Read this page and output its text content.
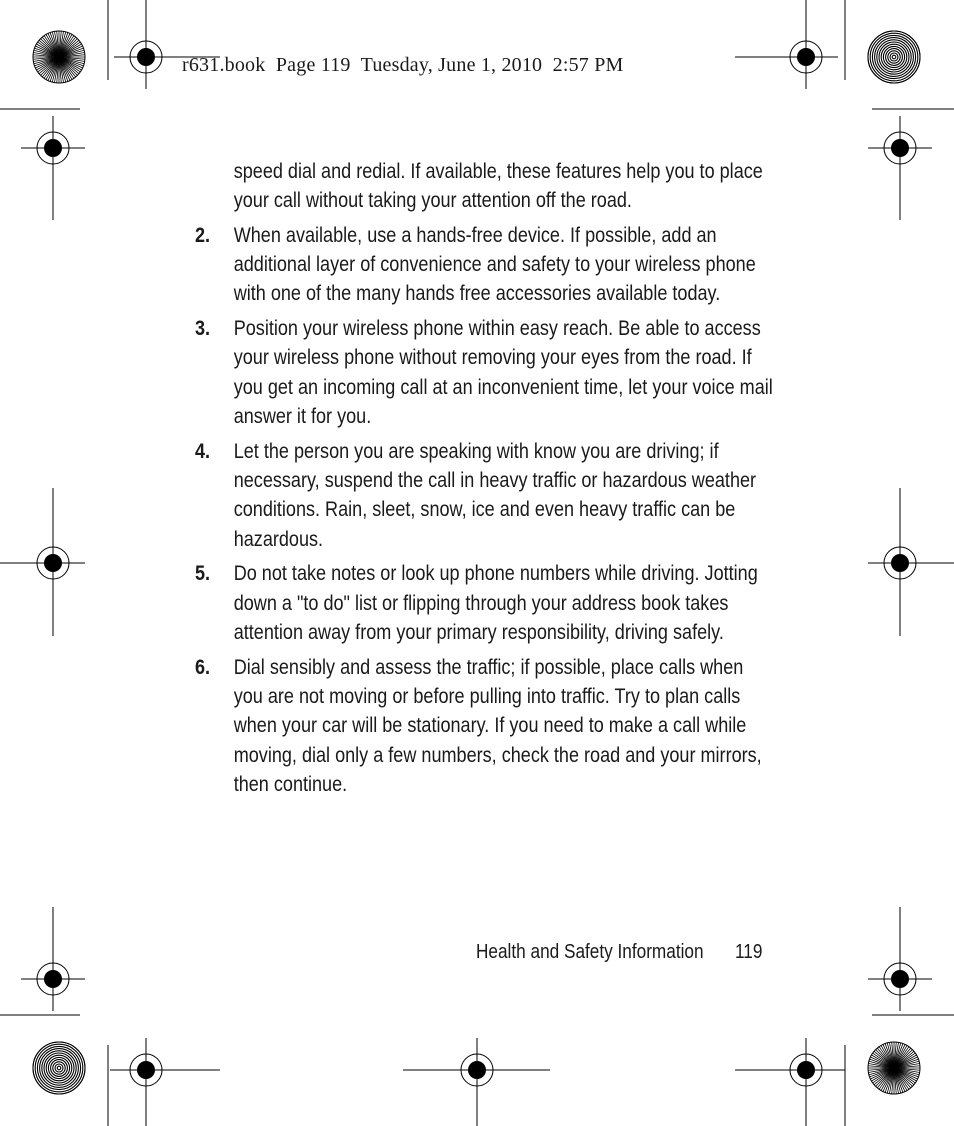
r631.book  Page 119  Tuesday, June 1, 2010  2:57 PM

speed dial and redial. If available, these features help you to place your call without taking your attention off the road.

2.	When available, use a hands-free device. If possible, add an additional layer of convenience and safety to your wireless phone with one of the many hands free accessories available today.
3.	Position your wireless phone within easy reach. Be able to access your wireless phone without removing your eyes from the road. If you get an incoming call at an inconvenient time, let your voice mail answer it for you.
4.	Let the person you are speaking with know you are driving; if necessary, suspend the call in heavy traffic or hazardous weather conditions. Rain, sleet, snow, ice and even heavy traffic can be hazardous.
5.	Do not take notes or look up phone numbers while driving. Jotting down a "to do" list or flipping through your address book takes attention away from your primary responsibility, driving safely.
6.	Dial sensibly and assess the traffic; if possible, place calls when you are not moving or before pulling into traffic. Try to plan calls when your car will be stationary. If you need to make a call while moving, dial only a few numbers, check the road and your mirrors, then continue.
Health and Safety Information 119
